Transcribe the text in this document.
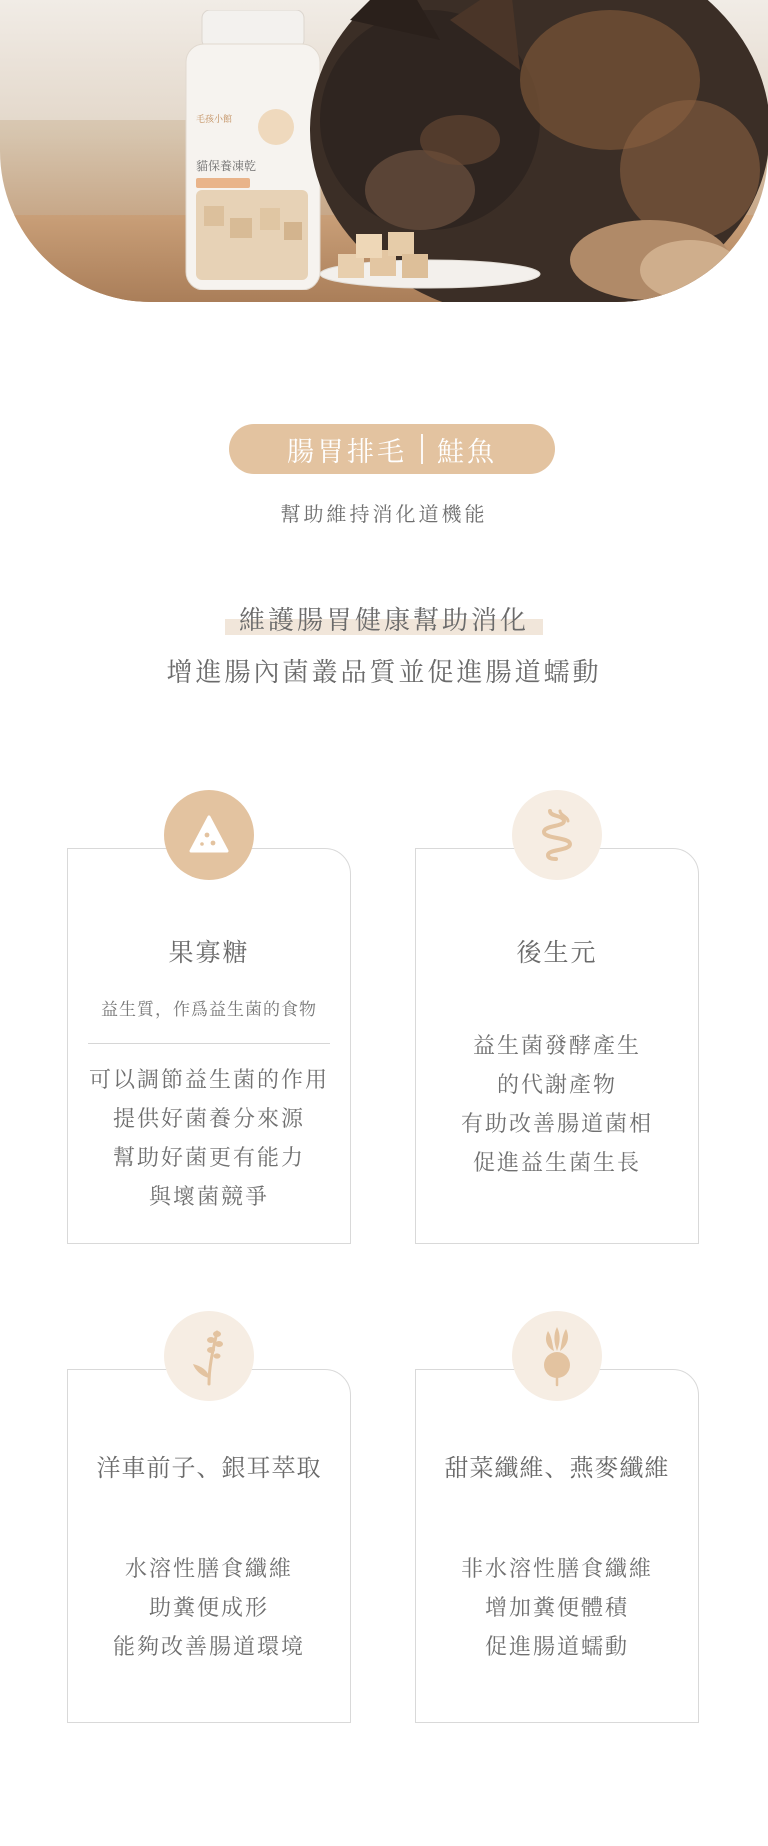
毛孩小館
貓保養凍乾
腸胃排毛 鮭魚
幫助維持消化道機能
維護腸胃健康幫助消化
增進腸內菌叢品質並促進腸道蠕動
果寡糖
益生質，作爲益生菌的食物
可以調節益生菌的作用
提供好菌養分來源
幫助好菌更有能力
與壞菌競爭
後生元
益生菌發酵產生
的代謝產物
有助改善腸道菌相
促進益生菌生長
洋車前子、銀耳萃取
水溶性膳食纖維
助糞便成形
能夠改善腸道環境
甜菜纖維、燕麥纖維
非水溶性膳食纖維
增加糞便體積
促進腸道蠕動
